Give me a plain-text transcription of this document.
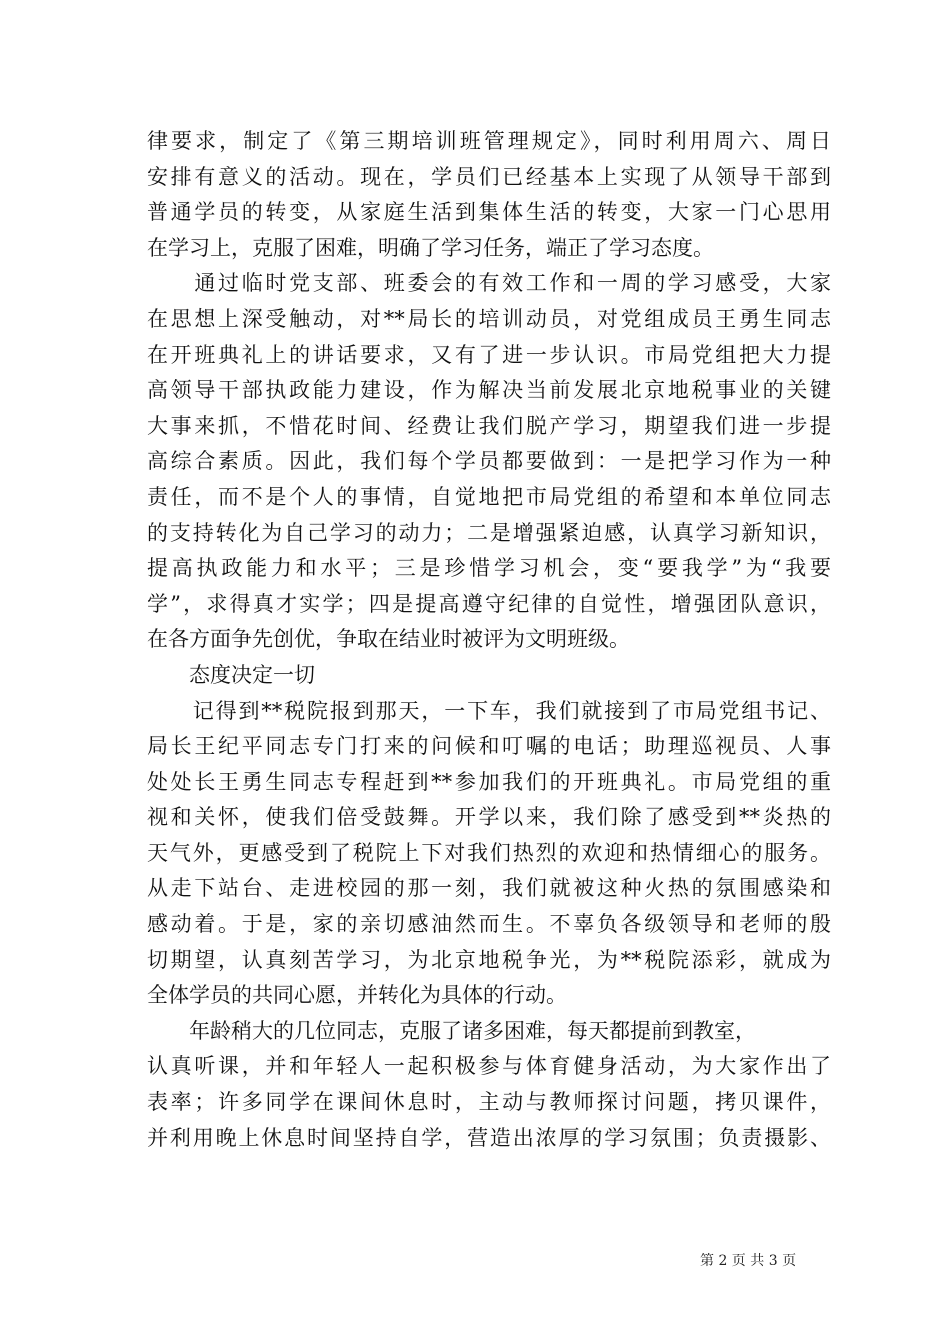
律要求，制定了《第三期培训班管理规定》，同时利用周六、周日
安排有意义的活动。现在，学员们已经基本上实现了从领导干部到
普通学员的转变，从家庭生活到集体生活的转变，大家一门心思用
在学习上，克服了困难，明确了学习任务，端正了学习态度。
　　通过临时党支部、班委会的有效工作和一周的学习感受，大家
在思想上深受触动，对**局长的培训动员，对党组成员王勇生同志
在开班典礼上的讲话要求，又有了进一步认识。市局党组把大力提
高领导干部执政能力建设，作为解决当前发展北京地税事业的关键
大事来抓，不惜花时间、经费让我们脱产学习，期望我们进一步提
高综合素质。因此，我们每个学员都要做到：一是把学习作为一种
责任，而不是个人的事情，自觉地把市局党组的希望和本单位同志
的支持转化为自己学习的动力；二是增强紧迫感，认真学习新知识，
提高执政能力和水平；三是珍惜学习机会，变“要我学”为“我要
学”，求得真才实学；四是提高遵守纪律的自觉性，增强团队意识，
在各方面争先创优，争取在结业时被评为文明班级。
　　态度决定一切
　　记得到**税院报到那天，一下车，我们就接到了市局党组书记、
局长王纪平同志专门打来的问候和叮嘱的电话；助理巡视员、人事
处处长王勇生同志专程赶到**参加我们的开班典礼。市局党组的重
视和关怀，使我们倍受鼓舞。开学以来，我们除了感受到**炎热的
天气外，更感受到了税院上下对我们热烈的欢迎和热情细心的服务。
从走下站台、走进校园的那一刻，我们就被这种火热的氛围感染和
感动着。于是，家的亲切感油然而生。不辜负各级领导和老师的殷
切期望，认真刻苦学习，为北京地税争光，为**税院添彩，就成为
全体学员的共同心愿，并转化为具体的行动。
　　年龄稍大的几位同志，克服了诸多困难，每天都提前到教室，
认真听课，并和年轻人一起积极参与体育健身活动，为大家作出了
表率；许多同学在课间休息时，主动与教师探讨问题，拷贝课件，
并利用晚上休息时间坚持自学，营造出浓厚的学习氛围；负责摄影、
第 2 页 共 3 页
